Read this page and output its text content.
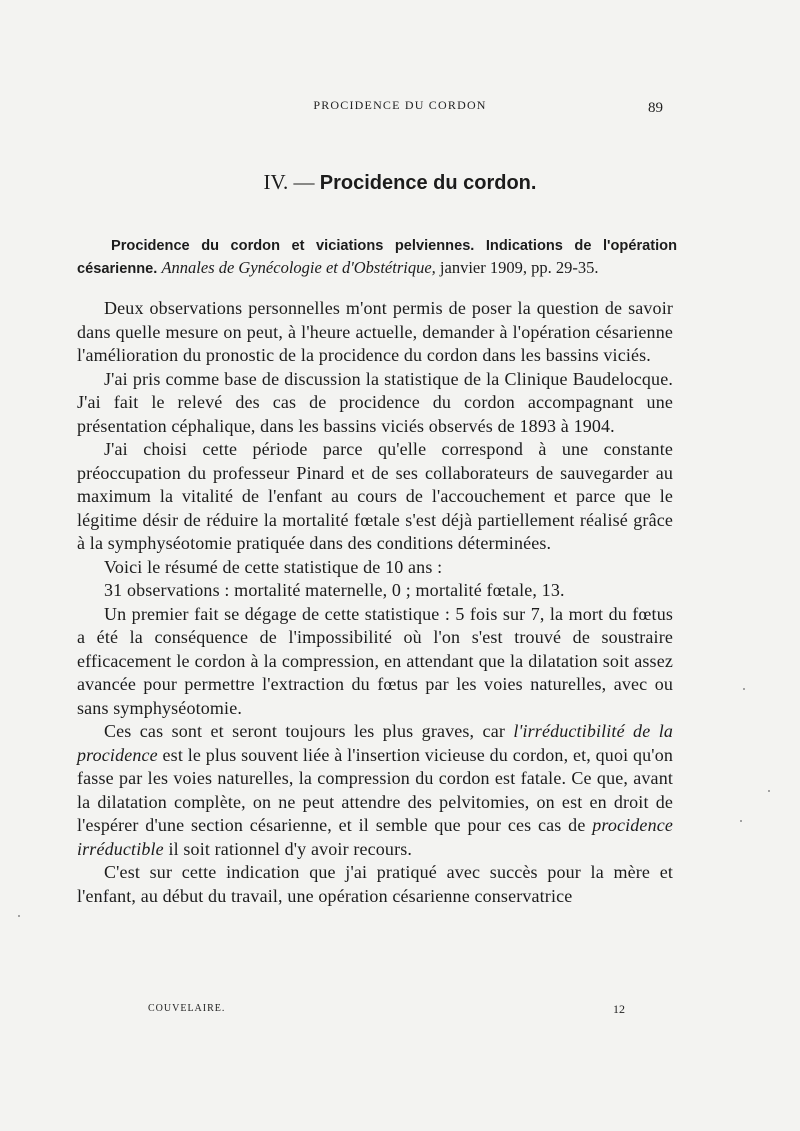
PROCIDENCE DU CORDON	89
IV. — Procidence du cordon.
Procidence du cordon et viciations pelviennes. Indications de l'opération césarienne. Annales de Gynécologie et d'Obstétrique, janvier 1909, pp. 29-35.

Deux observations personnelles m'ont permis de poser la question de savoir dans quelle mesure on peut, à l'heure actuelle, demander à l'opération césarienne l'amélioration du pronostic de la procidence du cordon dans les bassins viciés.

J'ai pris comme base de discussion la statistique de la Clinique Baudelocque. J'ai fait le relevé des cas de procidence du cordon accompagnant une présentation céphalique, dans les bassins viciés observés de 1893 à 1904.

J'ai choisi cette période parce qu'elle correspond à une constante préoccupation du professeur Pinard et de ses collaborateurs de sauvegarder au maximum la vitalité de l'enfant au cours de l'accouchement et parce que le légitime désir de réduire la mortalité fœtale s'est déjà partiellement réalisé grâce à la symphyséotomie pratiquée dans des conditions déterminées.

Voici le résumé de cette statistique de 10 ans :

31 observations : mortalité maternelle, 0 ; mortalité fœtale, 13.

Un premier fait se dégage de cette statistique : 5 fois sur 7, la mort du fœtus a été la conséquence de l'impossibilité où l'on s'est trouvé de soustraire efficacement le cordon à la compression, en attendant que la dilatation soit assez avancée pour permettre l'extraction du fœtus par les voies naturelles, avec ou sans symphyséotomie.

Ces cas sont et seront toujours les plus graves, car l'irréductibilité de la procidence est le plus souvent liée à l'insertion vicieuse du cordon, et, quoi qu'on fasse par les voies naturelles, la compression du cordon est fatale. Ce que, avant la dilatation complète, on ne peut attendre des pelvitomies, on est en droit de l'espérer d'une section césarienne, et il semble que pour ces cas de procidence irréductible il soit rationnel d'y avoir recours.

C'est sur cette indication que j'ai pratiqué avec succès pour la mère et l'enfant, au début du travail, une opération césarienne conservatrice

COUVELAIRE.	12
